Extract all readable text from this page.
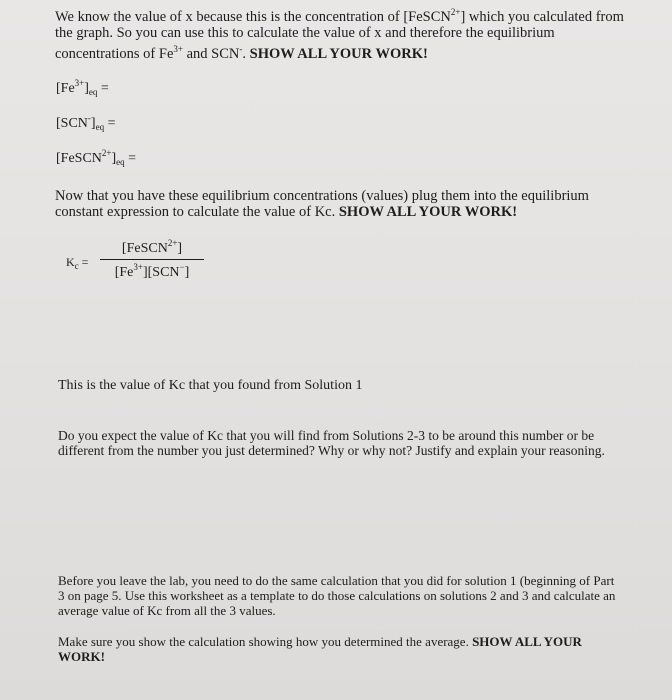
We know the value of x because this is the concentration of [FeSCN$^{2+}$] which you calculated from the graph. So you can use this to calculate the value of x and therefore the equilibrium concentrations of $Fe^{3+}$ and SCN-. SHOW ALL YOUR WORK!

$[Fe^{3+}]_{eq}$ =
$[SCN^-]_{eq}$ =
$[FeSCN^{2+}]_{eq}$ =

Now that you have these equilibrium concentrations (values) plug them into the equilibrium constant expression to calculate the value of Kc. SHOW ALL YOUR WORK!

$K_c$ =
[FeSCN$^{2+}$]
$[Fe^{3+}][SCN^-]$

This is the value of Kc that you found from Solution 1

Do you expect the value of Kc that you will find from Solutions 2-3 to be around this number or be different from the number you just determined? Why or why not? Justify and explain your reasoning.

Before you leave the lab, you need to do the same calculation that you did for solution 1 (beginning of Part 3 on page 5. Use this worksheet as a template to do those calculations on solutions 2 and 3 and calculate an average value of Kc from all the 3 values.

Make sure you show the calculation showing how you determined the average. SHOW ALL YOUR WORK!
